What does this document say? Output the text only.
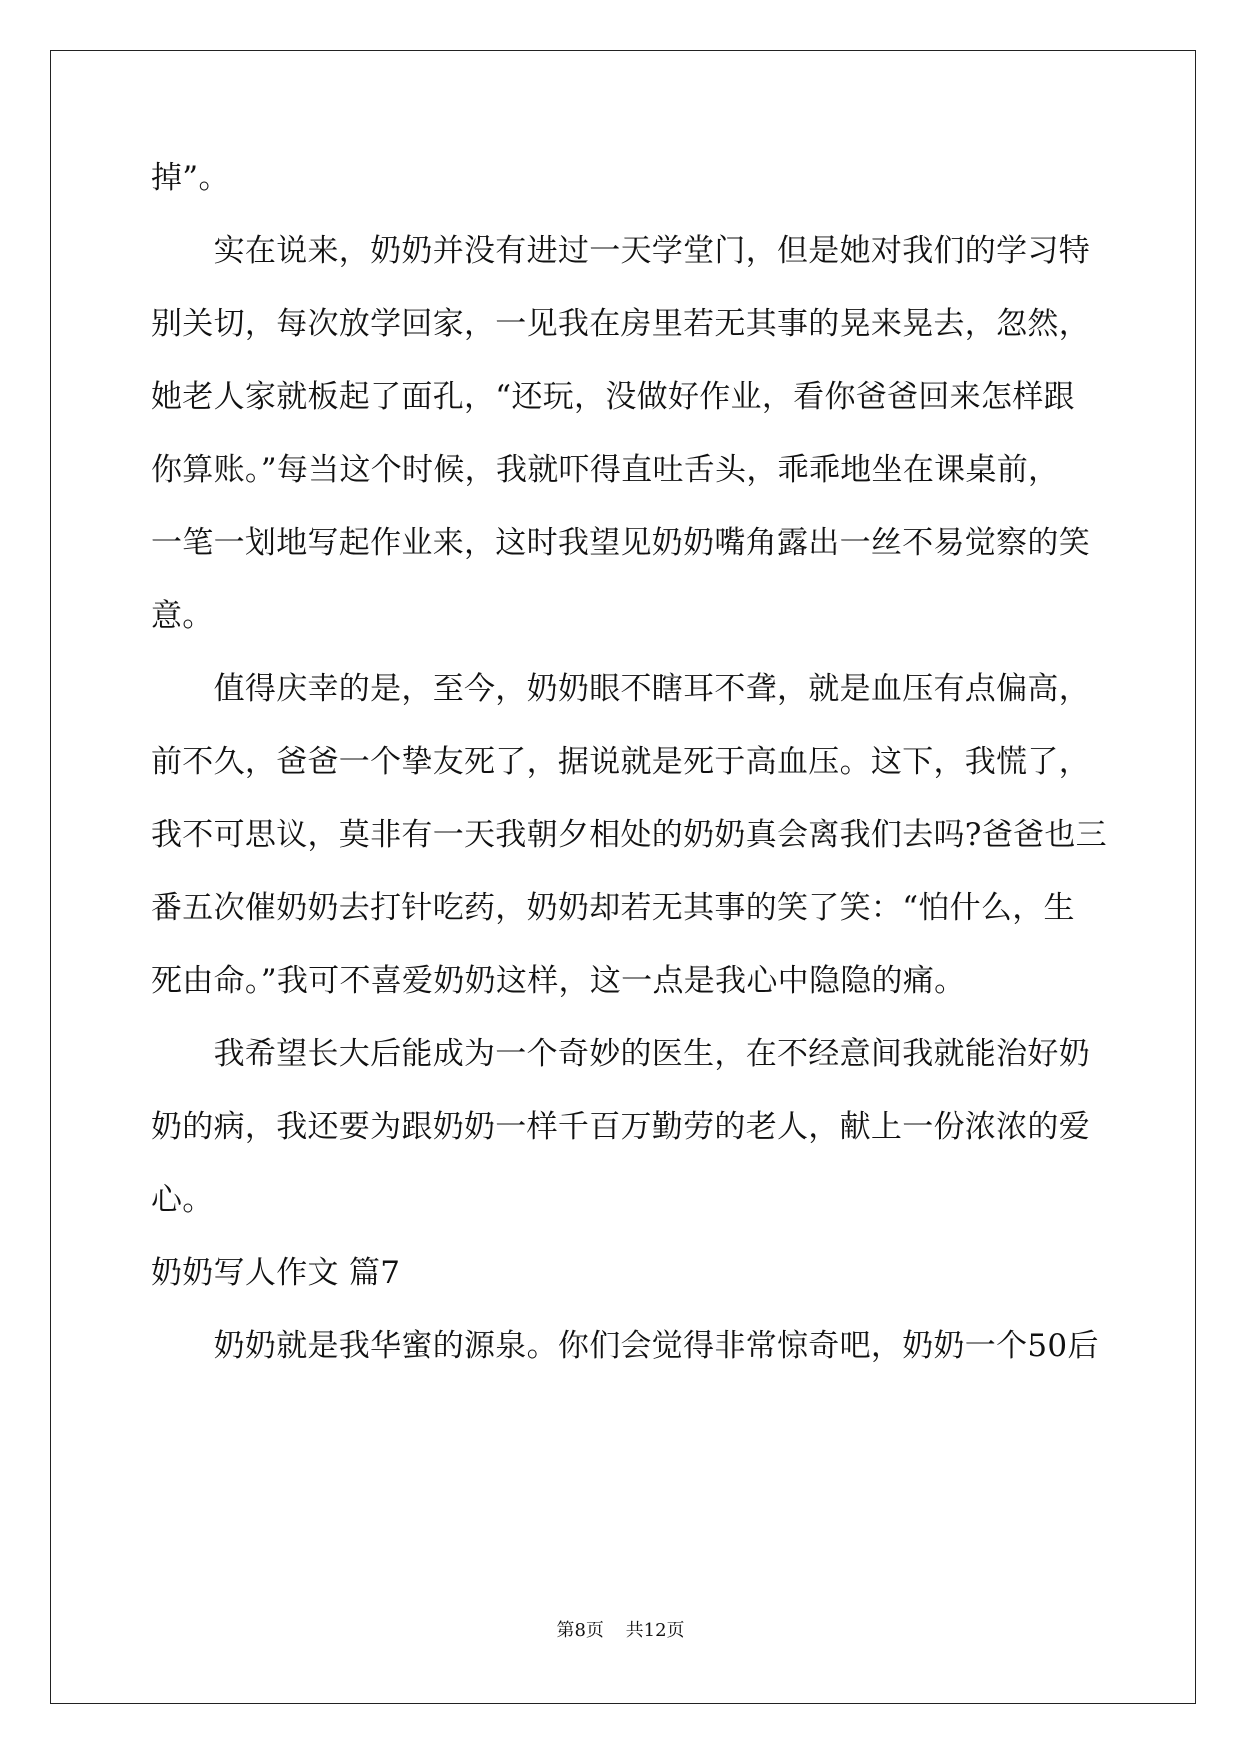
掉”。
　　实在说来，奶奶并没有进过一天学堂门，但是她对我们的学习特
别关切，每次放学回家，一见我在房里若无其事的晃来晃去，忽然，
她老人家就板起了面孔，“还玩，没做好作业，看你爸爸回来怎样跟
你算账。”每当这个时候，我就吓得直吐舌头，乖乖地坐在课桌前，
一笔一划地写起作业来，这时我望见奶奶嘴角露出一丝不易觉察的笑
意。
　　值得庆幸的是，至今，奶奶眼不瞎耳不聋，就是血压有点偏高，
前不久，爸爸一个挚友死了，据说就是死于高血压。这下，我慌了，
我不可思议，莫非有一天我朝夕相处的奶奶真会离我们去吗?爸爸也三
番五次催奶奶去打针吃药，奶奶却若无其事的笑了笑：“怕什么，生
死由命。”我可不喜爱奶奶这样，这一点是我心中隐隐的痛。
　　我希望长大后能成为一个奇妙的医生，在不经意间我就能治好奶
奶的病，我还要为跟奶奶一样千百万勤劳的老人，献上一份浓浓的爱
心。
奶奶写人作文 篇7
　　奶奶就是我华蜜的源泉。你们会觉得非常惊奇吧，奶奶一个50后
第8页 共12页
